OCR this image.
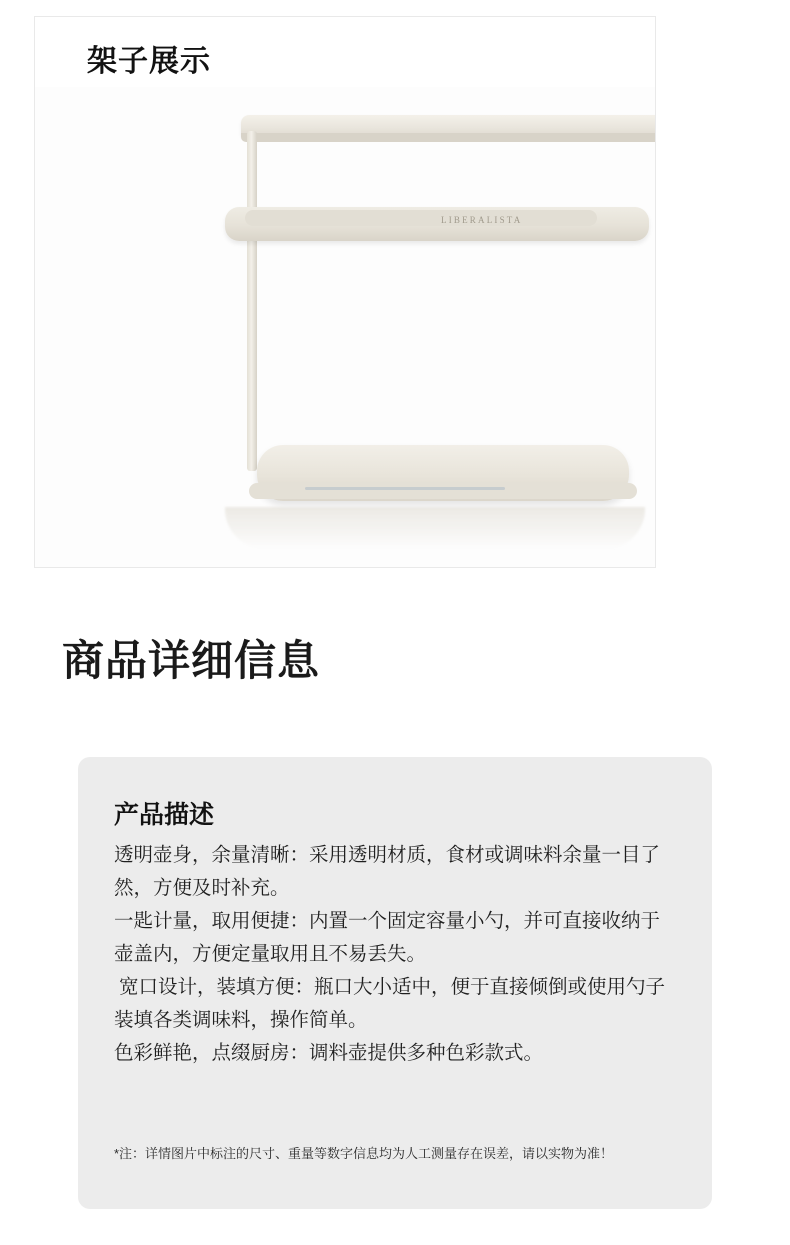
架子展示
LIBERALISTA
商品详细信息
产品描述

透明壶身，余量清晰：采用透明材质，食材或调味料余量一目了然，方便及时补充。

一匙计量，取用便捷：内置一个固定容量小勺，并可直接收纳于壶盖内，方便定量取用且不易丢失。

宽口设计，装填方便：瓶口大小适中，便于直接倾倒或使用勺子装填各类调味料，操作简单。

色彩鲜艳，点缀厨房：调料壶提供多种色彩款式。

*注：详情图片中标注的尺寸、重量等数字信息均为人工测量存在误差，请以实物为准！
